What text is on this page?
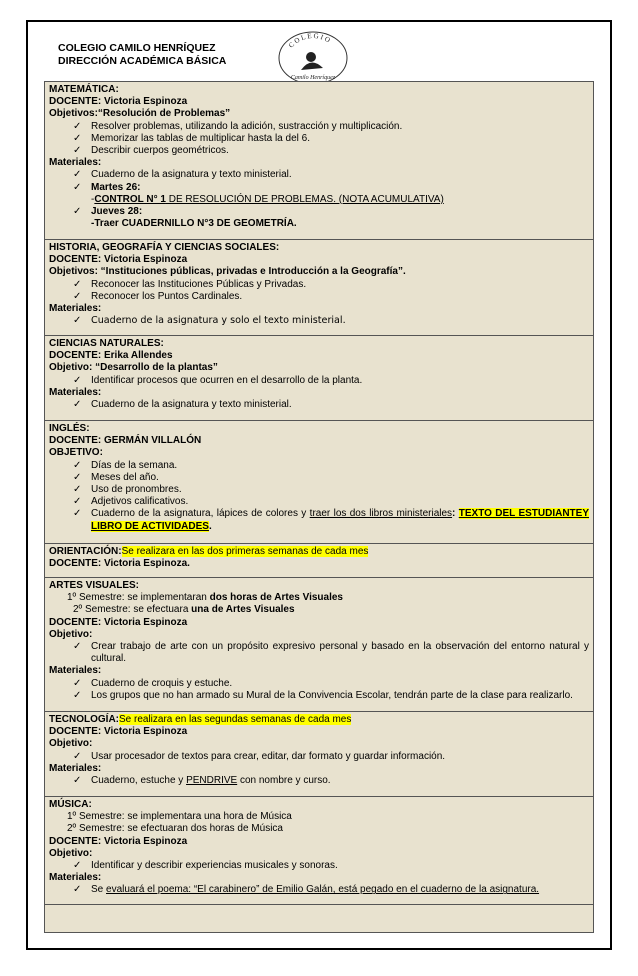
COLEGIO CAMILO HENRÍQUEZ
DIRECCIÓN ACADÉMICA BÁSICA
C O L E G I O
Camilo Henríquez
MATEMÁTICA:
DOCENTE: Victoria Espinoza
Objetivos:“Resolución de Problemas”
✓ Resolver problemas, utilizando la adición, sustracción y multiplicación.
✓ Memorizar las tablas de multiplicar hasta la del 6.
✓ Describir cuerpos geométricos.
Materiales:
✓ Cuaderno de la asignatura y texto ministerial.
✓ Martes 26:
-CONTROL N° 1 DE RESOLUCIÓN DE PROBLEMAS. (NOTA ACUMULATIVA)
✓ Jueves 28:
-Traer CUADERNILLO N°3 DE GEOMETRÍA.

HISTORIA, GEOGRAFÍA Y CIENCIAS SOCIALES:
DOCENTE: Victoria Espinoza
Objetivos: “Instituciones públicas, privadas e Introducción a la Geografía”.
✓ Reconocer las Instituciones Públicas y Privadas.
✓ Reconocer los Puntos Cardinales.
Materiales:
✓ Cuaderno de la asignatura y solo el texto ministerial.

CIENCIAS NATURALES:
DOCENTE: Erika Allendes
Objetivo: “Desarrollo de la plantas”
✓ Identificar procesos que ocurren en el desarrollo de la planta.
Materiales:
✓ Cuaderno de la asignatura y texto ministerial.

INGLÉS:
DOCENTE: GERMÁN VILLALÓN
OBJETIVO:
✓ Días de la semana.
✓ Meses del año.
✓ Uso de pronombres.
✓ Adjetivos calificativos.
✓ Cuaderno de la asignatura, lápices de colores y traer los dos libros ministeriales: TEXTO DEL ESTUDIANTEY LIBRO DE ACTIVIDADES.

ORIENTACIÓN:Se realizara en las dos primeras semanas de cada mes
DOCENTE: Victoria Espinoza.

ARTES VISUALES:
1º Semestre: se implementaran dos horas de Artes Visuales
2º Semestre: se efectuara una de Artes Visuales
DOCENTE: Victoria Espinoza
Objetivo:
✓ Crear trabajo de arte con un propósito expresivo personal y basado en la observación del entorno natural y cultural.
Materiales:
✓ Cuaderno de croquis y estuche.
✓ Los grupos que no han armado su Mural de la Convivencia Escolar, tendrán parte de la clase para realizarlo.

TECNOLOGÍA:Se realizara en las segundas semanas de cada mes
DOCENTE: Victoria Espinoza
Objetivo:
✓ Usar procesador de textos para crear, editar, dar formato y guardar información.
Materiales:
✓ Cuaderno, estuche y PENDRIVE con nombre y curso.

MÚSICA:
1º Semestre: se implementara una hora de Música
2º Semestre: se efectuaran dos horas de Música
DOCENTE: Victoria Espinoza
Objetivo:
✓ Identificar y describir experiencias musicales y sonoras.
Materiales:
✓ Se evaluará el poema: “El carabinero” de Emilio Galán, está pegado en el cuaderno de la asignatura.
